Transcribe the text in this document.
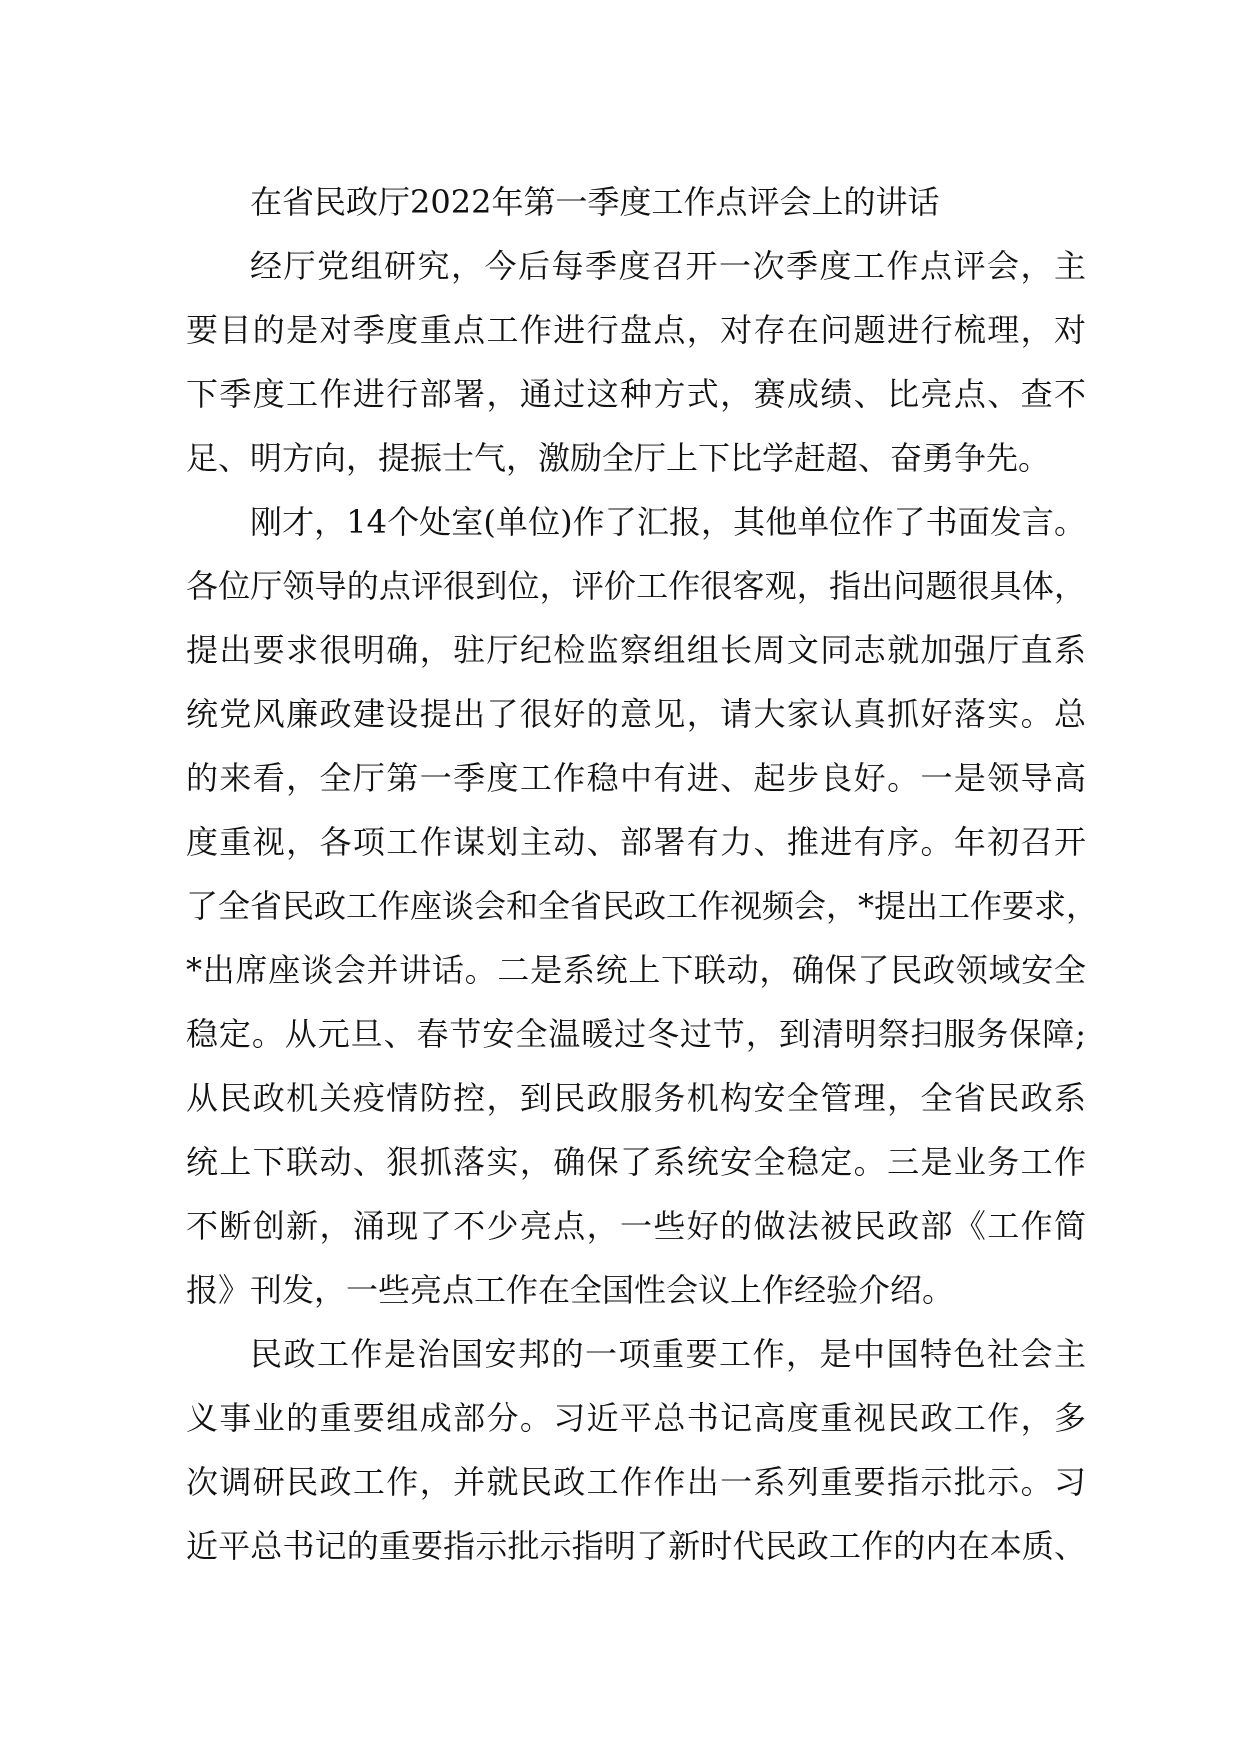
在省民政厅2022年第一季度工作点评会上的讲话
经厅党组研究，今后每季度召开一次季度工作点评会，主
要目的是对季度重点工作进行盘点，对存在问题进行梳理，对
下季度工作进行部署，通过这种方式，赛成绩、比亮点、查不
足、明方向，提振士气，激励全厅上下比学赶超、奋勇争先。
刚才，14个处室(单位)作了汇报，其他单位作了书面发言。
各位厅领导的点评很到位，评价工作很客观，指出问题很具体，
提出要求很明确，驻厅纪检监察组组长周文同志就加强厅直系
统党风廉政建设提出了很好的意见，请大家认真抓好落实。总
的来看，全厅第一季度工作稳中有进、起步良好。一是领导高
度重视，各项工作谋划主动、部署有力、推进有序。年初召开
了全省民政工作座谈会和全省民政工作视频会，*提出工作要求，
*出席座谈会并讲话。二是系统上下联动，确保了民政领域安全
稳定。从元旦、春节安全温暖过冬过节，到清明祭扫服务保障;
从民政机关疫情防控，到民政服务机构安全管理，全省民政系
统上下联动、狠抓落实，确保了系统安全稳定。三是业务工作
不断创新，涌现了不少亮点，一些好的做法被民政部《工作简
报》刊发，一些亮点工作在全国性会议上作经验介绍。
民政工作是治国安邦的一项重要工作，是中国特色社会主
义事业的重要组成部分。习近平总书记高度重视民政工作，多
次调研民政工作，并就民政工作作出一系列重要指示批示。习
近平总书记的重要指示批示指明了新时代民政工作的内在本质、
